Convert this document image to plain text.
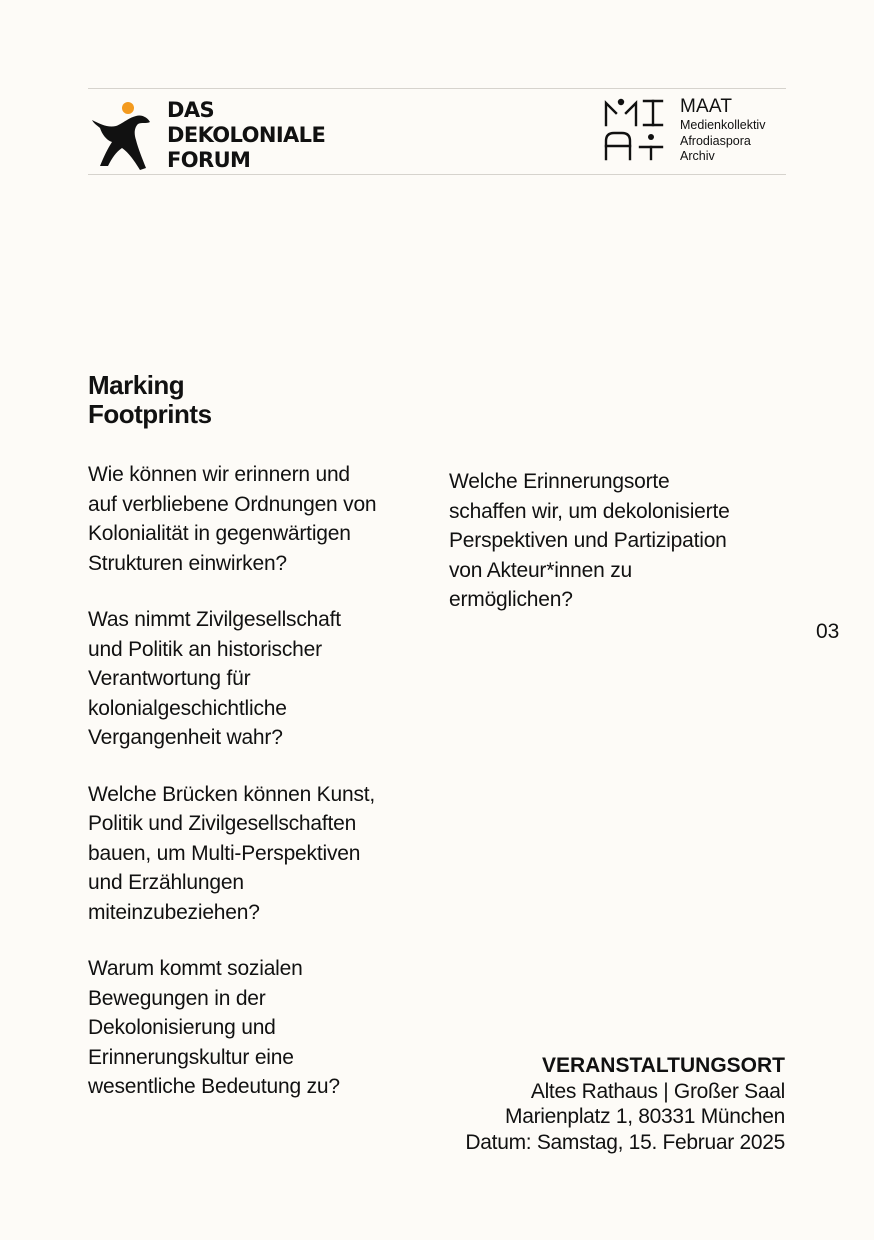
DAS
DEKOLONIALE
FORUM
MAAT
Medienkollektiv
Afrodiaspora
Archiv
Marking
Footprints

Wie können wir erinnern und
auf verbliebene Ordnungen von
Kolonialität in gegenwärtigen
Strukturen einwirken?

Was nimmt Zivilgesellschaft
und Politik an historischer
Verantwortung für
kolonialgeschichtliche
Vergangenheit wahr?

Welche Brücken können Kunst,
Politik und Zivilgesellschaften
bauen, um Multi-Perspektiven
und Erzählungen
miteinzubeziehen?

Warum kommt sozialen
Bewegungen in der
Dekolonisierung und
Erinnerungskultur eine
wesentliche Bedeutung zu?

Welche Erinnerungsorte
schaffen wir, um dekolonisierte
Perspektiven und Partizipation
von Akteur*innen zu
ermöglichen?

03
VERANSTALTUNGSORT
Altes Rathaus | Großer Saal
Marienplatz 1, 80331 München
Datum: Samstag, 15. Februar 2025
